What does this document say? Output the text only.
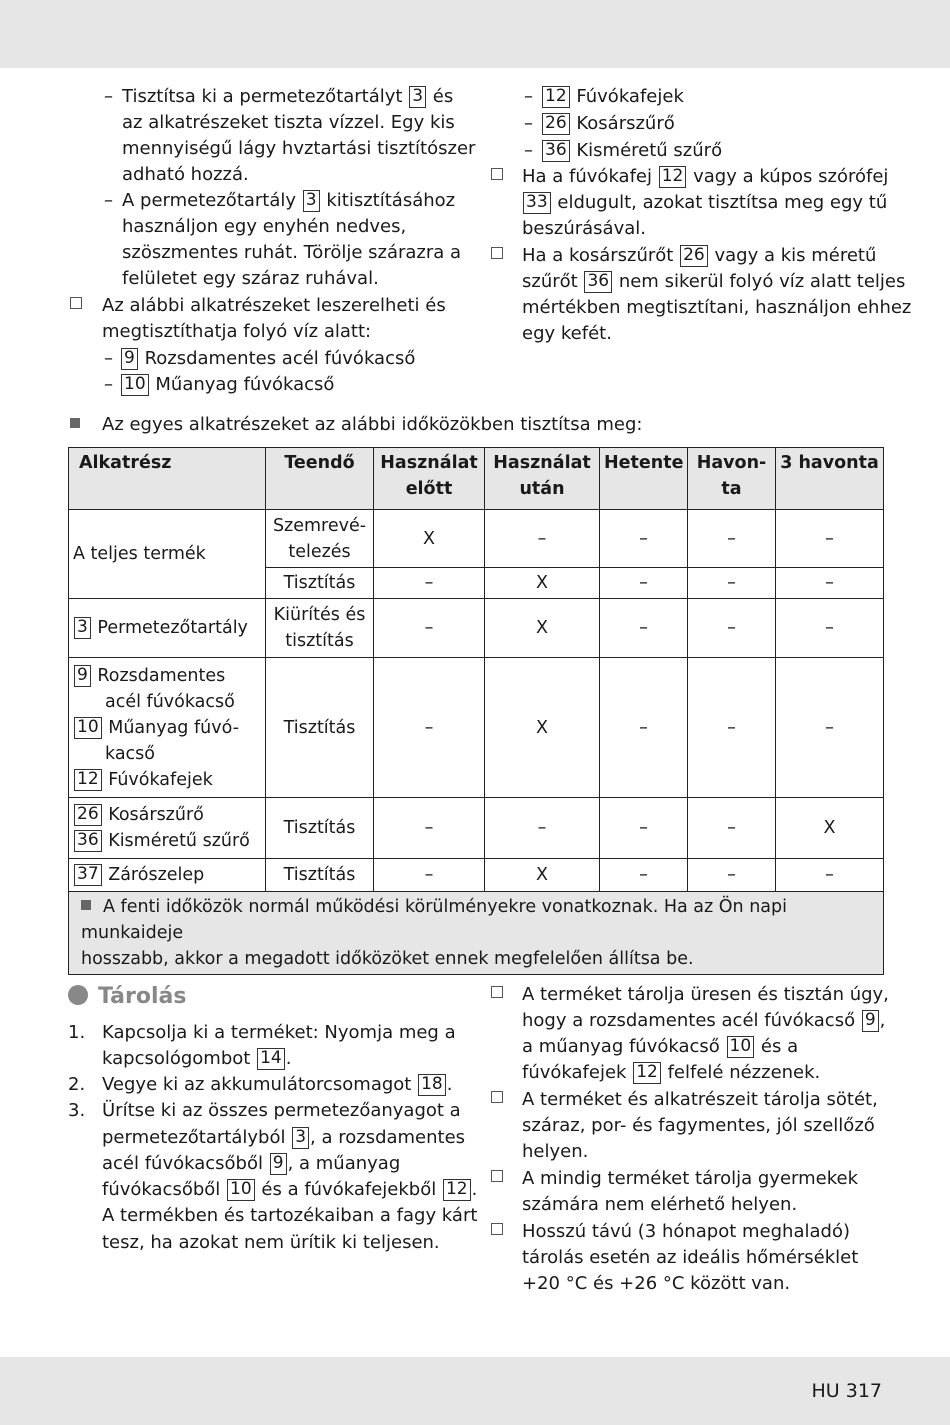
– Tisztítsa ki a permetezőtartályt 3 és
az alkatrészeket tiszta vízzel. Egy kis
mennyiségű lágy hvztartási tisztítószer
adható hozzá.
– A permetezőtartály 3 kitisztításához
használjon egy enyhén nedves,
szöszmentes ruhát. Törölje szárazra a
felületet egy száraz ruhával.
Az alábbi alkatrészeket leszerelheti és
megtisztíthatja folyó víz alatt:
– 9 Rozsdamentes acél fúvókacső
– 10 Műanyag fúvókacső
– 12 Fúvókafejek
– 26 Kosárszűrő
– 36 Kisméretű szűrő
Ha a fúvókafej 12 vagy a kúpos szórófej
33 eldugult, azokat tisztítsa meg egy tű
beszúrásával.
Ha a kosárszűrőt 26 vagy a kis méretű
szűrőt 36 nem sikerül folyó víz alatt teljes
mértékben megtisztítani, használjon ehhez
egy kefét.
Az egyes alkatrészeket az alábbi időközökben tisztítsa meg:
Alkatrész	Teendő	Használat
előtt	Használat
után	Hetente	Havon-
ta	3 havonta
A teljes termék	Szemrevé-
telezés	X	–	–	–	–
	Tisztítás	–	X	–	–	–
3 Permetezőtartály	Kiürítés és
tisztítás	–	X	–	–	–

9 Rozsdamentes
acél fúvókacső
10 Műanyag fúvó-
kacső
12 Fúvókafejek	Tisztítás	–	X	–	–	–

26 Kosárszűrő
36 Kisméretű szűrő	Tisztítás	–	–	–	–	X
37 Zárószelep	Tisztítás	–	X	–	–	–

A fenti időközök normál működési körülményekre vonatkoznak. Ha az Ön napi munkaideje
hosszabb, akkor a megadott időközöket ennek megfelelően állítsa be.						
Tárolás
1. Kapcsolja ki a terméket: Nyomja meg a
kapcsológombot 14 .
2. Vegye ki az akkumulátorcsomagot 18 .
3. Ürítse ki az összes permetezőanyagot a
permetezőtartályból 3 , a rozsdamentes
acél fúvókacsőből 9 , a műanyag
fúvókacsőből 10 és a fúvókafejekből 12 .
A termékben és tartozékaiban a fagy kárt
tesz, ha azokat nem ürítik ki teljesen.
A terméket tárolja üresen és tisztán úgy,
hogy a rozsdamentes acél fúvókacső 9 ,
a műanyag fúvókacső 10 és a
fúvókafejek 12 felfelé nézzenek.
A terméket és alkatrészeit tárolja sötét,
száraz, por- és fagymentes, jól szellőző
helyen.
A mindig terméket tárolja gyermekek
számára nem elérhető helyen.
Hosszú távú (3 hónapot meghaladó)
tárolás esetén az ideális hőmérséklet
+20 °C és +26 °C között van.
HU 317
